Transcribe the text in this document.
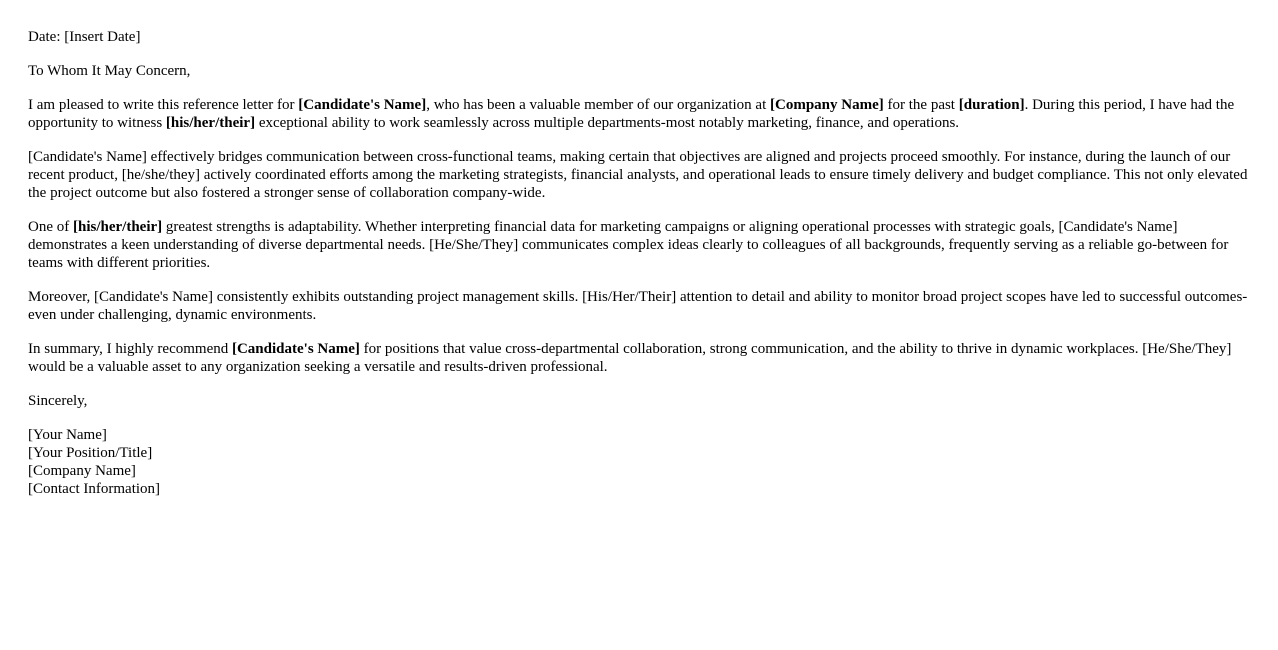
Date: [Insert Date]

To Whom It May Concern,

I am pleased to write this reference letter for [Candidate's Name], who has been a valuable member of our organization at [Company Name] for the past [duration]. During this period, I have had the opportunity to witness [his/her/their] exceptional ability to work seamlessly across multiple departments-most notably marketing, finance, and operations.

[Candidate's Name] effectively bridges communication between cross-functional teams, making certain that objectives are aligned and projects proceed smoothly. For instance, during the launch of our recent product, [he/she/they] actively coordinated efforts among the marketing strategists, financial analysts, and operational leads to ensure timely delivery and budget compliance. This not only elevated the project outcome but also fostered a stronger sense of collaboration company-wide.

One of [his/her/their] greatest strengths is adaptability. Whether interpreting financial data for marketing campaigns or aligning operational processes with strategic goals, [Candidate's Name] demonstrates a keen understanding of diverse departmental needs. [He/She/They] communicates complex ideas clearly to colleagues of all backgrounds, frequently serving as a reliable go-between for teams with different priorities.

Moreover, [Candidate's Name] consistently exhibits outstanding project management skills. [His/Her/Their] attention to detail and ability to monitor broad project scopes have led to successful outcomes-even under challenging, dynamic environments.

In summary, I highly recommend [Candidate's Name] for positions that value cross-departmental collaboration, strong communication, and the ability to thrive in dynamic workplaces. [He/She/They] would be a valuable asset to any organization seeking a versatile and results-driven professional.

Sincerely,

[Your Name]
[Your Position/Title]
[Company Name]
[Contact Information]
